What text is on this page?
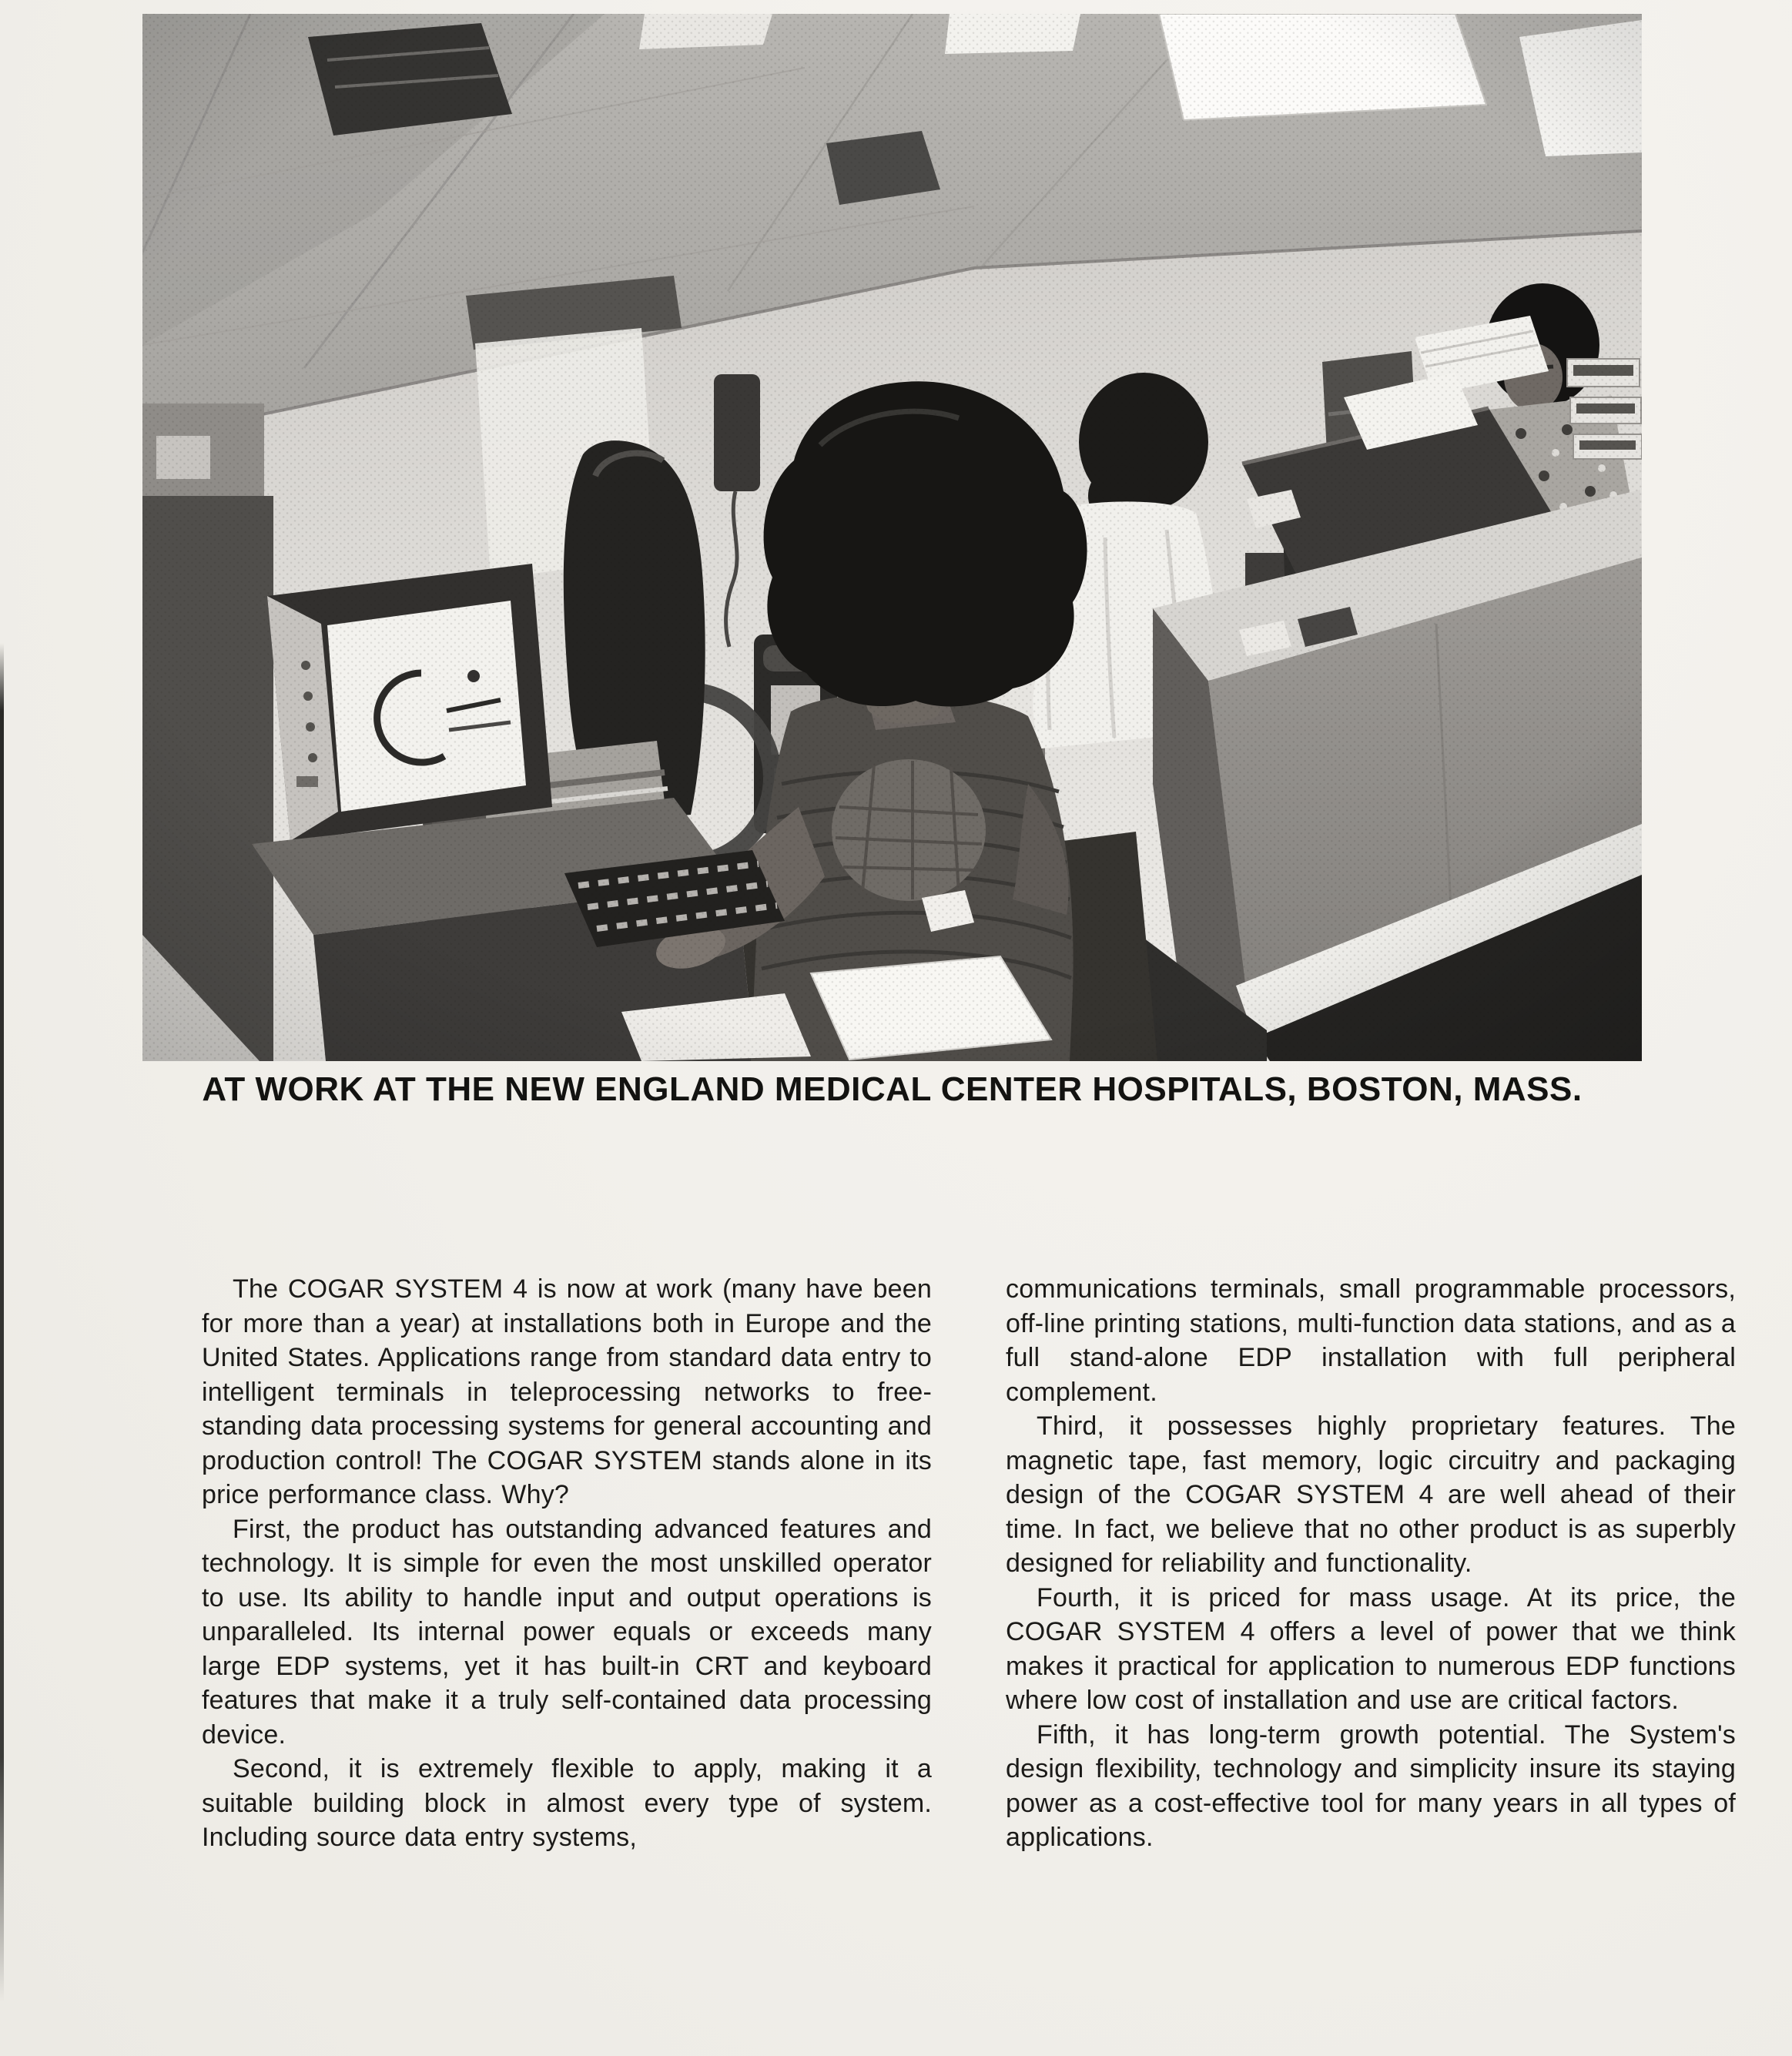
AT WORK AT THE NEW ENGLAND MEDICAL CENTER HOSPITALS, BOSTON, MASS.

The COGAR SYSTEM 4 is now at work (many have been for more than a year) at installations both in Europe and the United States. Applications range from standard data entry to intelligent terminals in teleprocessing networks to free-standing data processing systems for general accounting and production control! The COGAR SYSTEM stands alone in its price performance class. Why?

First, the product has outstanding advanced features and technology. It is simple for even the most unskilled operator to use. Its ability to handle input and output operations is unparalleled. Its internal power equals or exceeds many large EDP systems, yet it has built-in CRT and keyboard features that make it a truly self-contained data processing device.

Second, it is extremely flexible to apply, making it a suitable building block in almost every type of system. Including source data entry systems,

communications terminals, small programmable processors, off-line printing stations, multi-function data stations, and as a full stand-alone EDP installation with full peripheral complement.

Third, it possesses highly proprietary features. The magnetic tape, fast memory, logic circuitry and packaging design of the COGAR SYSTEM 4 are well ahead of their time. In fact, we believe that no other product is as superbly designed for reliability and functionality.

Fourth, it is priced for mass usage. At its price, the COGAR SYSTEM 4 offers a level of power that we think makes it practical for application to numerous EDP functions where low cost of installation and use are critical factors.

Fifth, it has long-term growth potential. The System's design flexibility, technology and simplicity insure its staying power as a cost-effective tool for many years in all types of applications.
